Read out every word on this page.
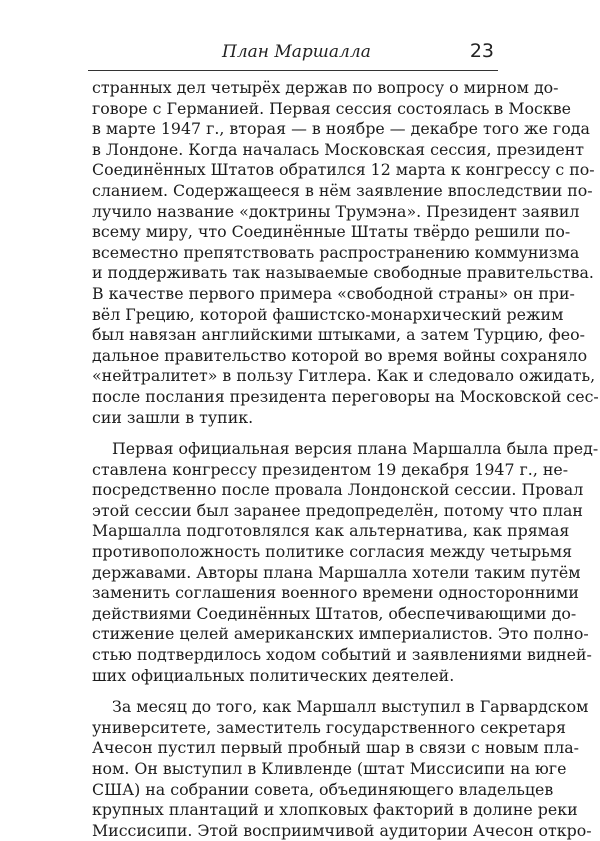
План Маршалла	23
странных дел четырёх держав по вопросу о мирном до-
говоре с Германией. Первая сессия состоялась в Москве
в марте 1947 г., вторая — в ноябре — декабре того же года
в Лондоне. Когда началась Московская сессия, президент
Соединённых Штатов обратился 12 марта к конгрессу с по-
сланием. Содержащееся в нём заявление впоследствии по-
лучило название «доктрины Трумэна». Президент заявил
всему миру, что Соединённые Штаты твёрдо решили по-
всеместно препятствовать распространению коммунизма
и поддерживать так называемые свободные правительства.
В качестве первого примера «свободной страны» он при-
вёл Грецию, которой фашистско-монархический режим
был навязан английскими штыками, а затем Турцию, фео-
дальное правительство которой во время войны сохраняло
«нейтралитет» в пользу Гитлера. Как и следовало ожидать,
после послания президента переговоры на Московской сес-
сии зашли в тупик.
Первая официальная версия плана Маршалла была пред-
ставлена конгрессу президентом 19 декабря 1947 г., не-
посредственно после провала Лондонской сессии. Провал
этой сессии был заранее предопределён, потому что план
Маршалла подготовлялся как альтернатива, как прямая
противоположность политике согласия между четырьмя
державами. Авторы плана Маршалла хотели таким путём
заменить соглашения военного времени односторонними
действиями Соединённых Штатов, обеспечивающими до-
стижение целей американских империалистов. Это полно-
стью подтвердилось ходом событий и заявлениями видней-
ших официальных политических деятелей.
За месяц до того, как Маршалл выступил в Гарвардском
университете, заместитель государственного секретаря
Ачесон пустил первый пробный шар в связи с новым пла-
ном. Он выступил в Кливленде (штат Миссисипи на юге
США) на собрании совета, объединяющего владельцев
крупных плантаций и хлопковых факторий в долине реки
Миссисипи. Этой восприимчивой аудитории Ачесон откро-
